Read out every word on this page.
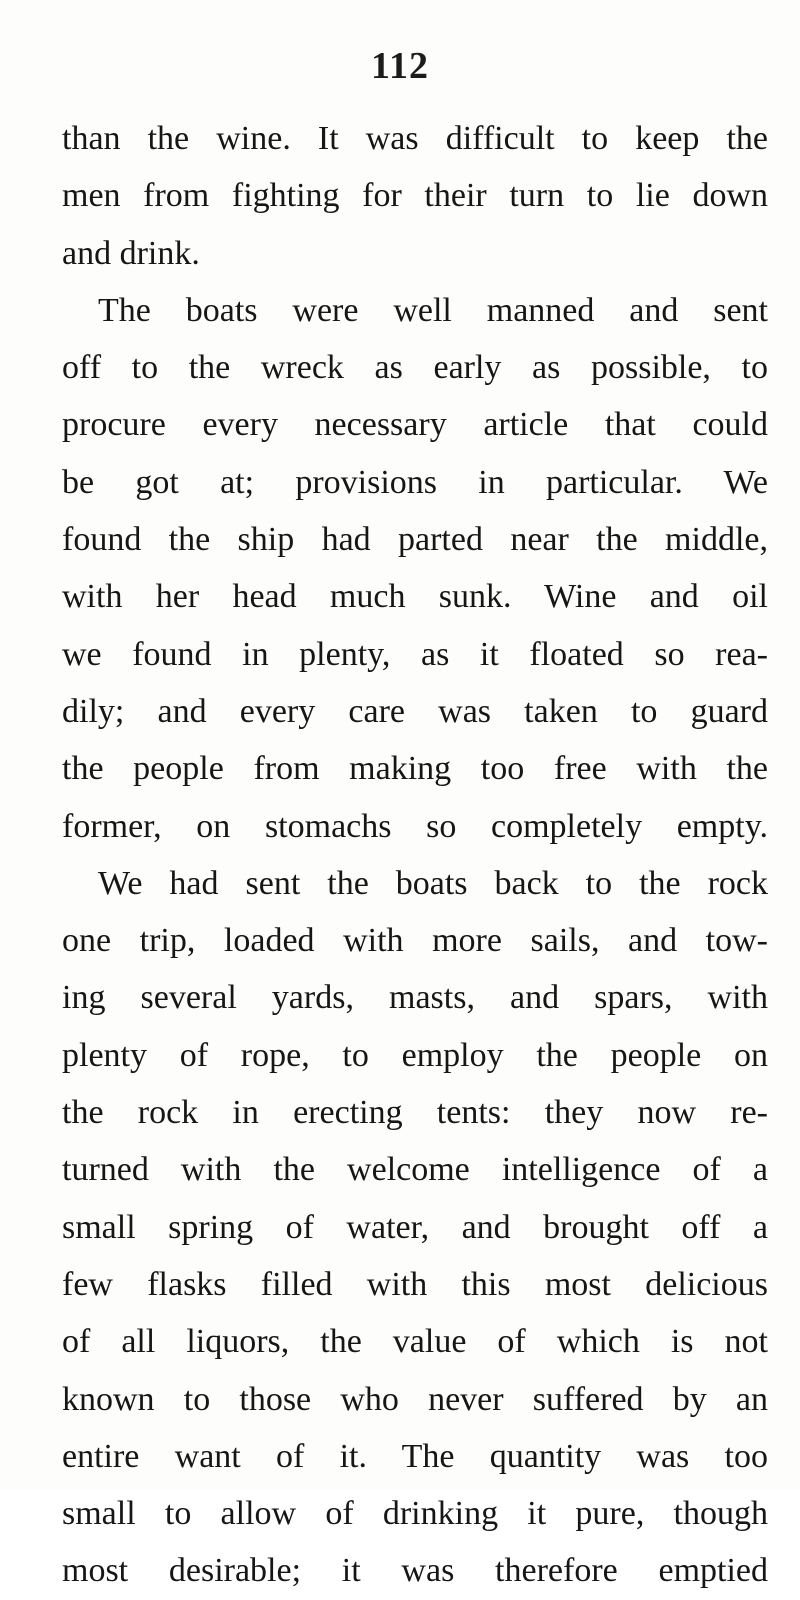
112
than the wine. It was difficult to keep the
men from fighting for their turn to lie down
and drink.
The boats were well manned and sent
off to the wreck as early as possible, to
procure every necessary article that could
be got at; provisions in particular. We
found the ship had parted near the middle,
with her head much sunk. Wine and oil
we found in plenty, as it floated so rea-
dily; and every care was taken to guard
the people from making too free with the
former, on stomachs so completely empty.
We had sent the boats back to the rock
one trip, loaded with more sails, and tow-
ing several yards, masts, and spars, with
plenty of rope, to employ the people on
the rock in erecting tents: they now re-
turned with the welcome intelligence of a
small spring of water, and brought off a
few flasks filled with this most delicious
of all liquors, the value of which is not
known to those who never suffered by an
entire want of it. The quantity was too
small to allow of drinking it pure, though
most desirable; it was therefore emptied
